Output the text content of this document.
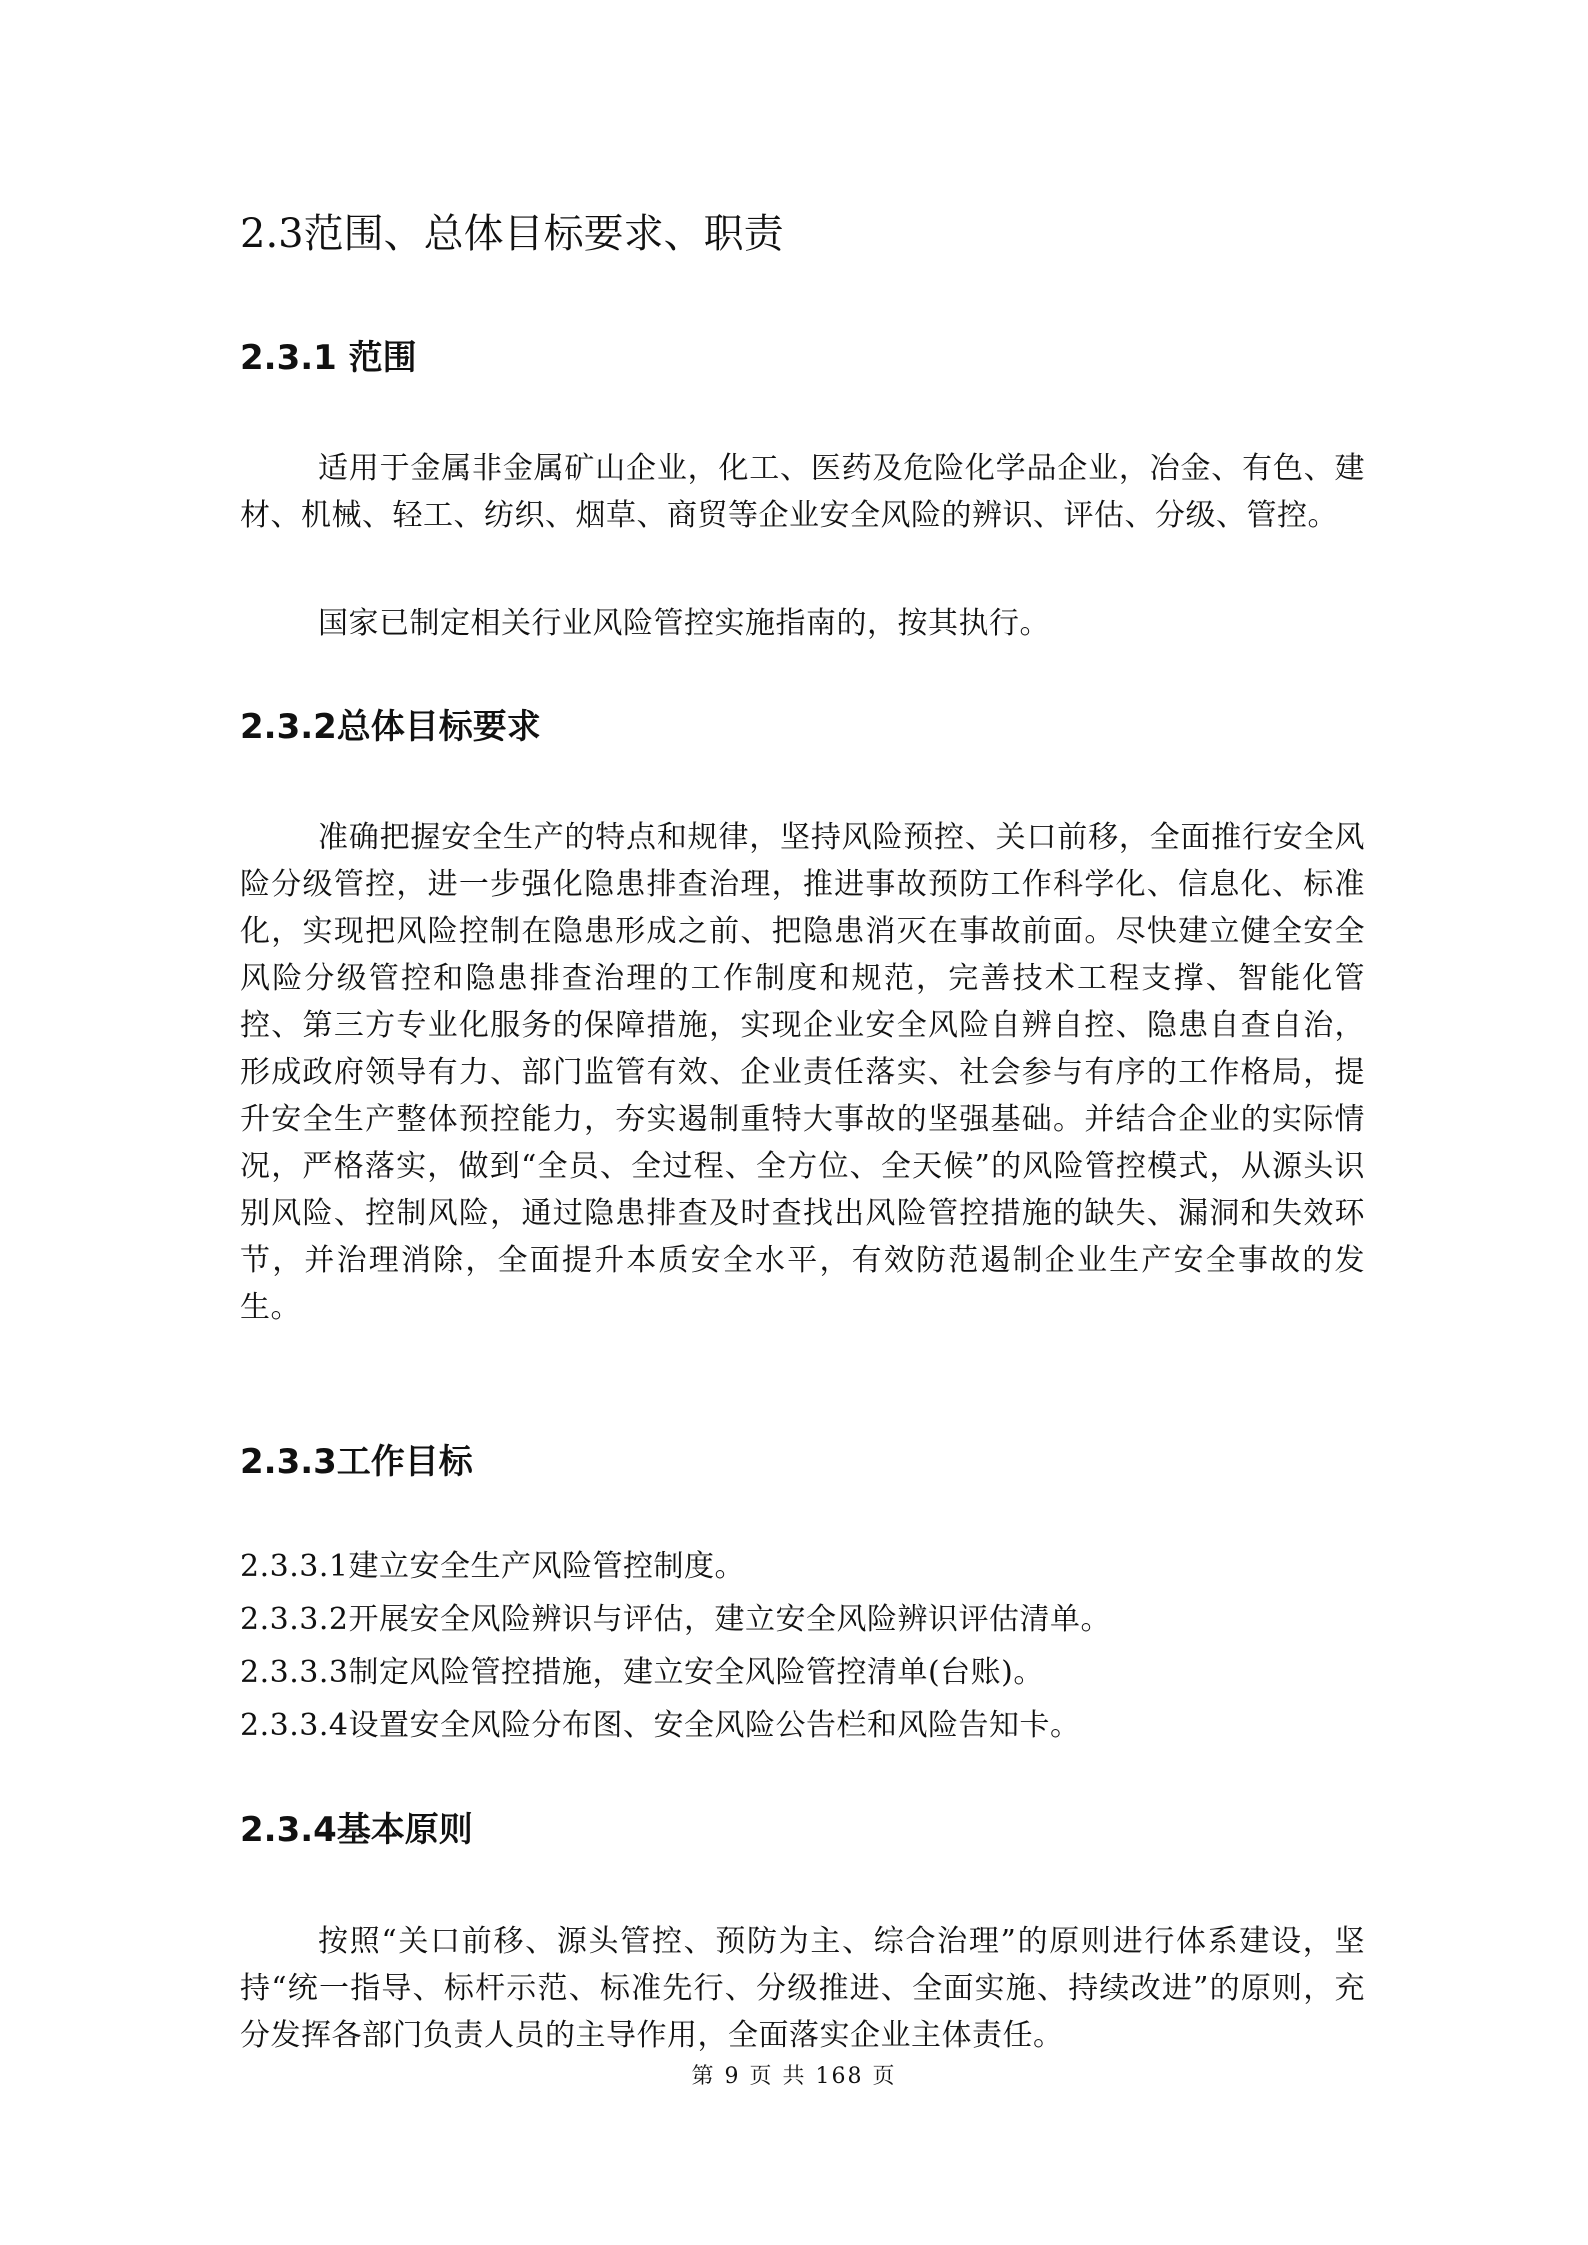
2.3范围、总体目标要求、职责
2.3.1 范围

适用于金属非金属矿山企业，化工、医药及危险化学品企业，冶金、有色、建材、机械、轻工、纺织、烟草、商贸等企业安全风险的辨识、评估、分级、管控。

国家已制定相关行业风险管控实施指南的，按其执行。

2.3.2总体目标要求

准确把握安全生产的特点和规律，坚持风险预控、关口前移，全面推行安全风险分级管控，进一步强化隐患排查治理，推进事故预防工作科学化、信息化、标准化，实现把风险控制在隐患形成之前、把隐患消灭在事故前面。尽快建立健全安全风险分级管控和隐患排查治理的工作制度和规范，完善技术工程支撑、智能化管控、第三方专业化服务的保障措施，实现企业安全风险自辨自控、隐患自查自治，形成政府领导有力、部门监管有效、企业责任落实、社会参与有序的工作格局，提升安全生产整体预控能力，夯实遏制重特大事故的坚强基础。并结合企业的实际情况，严格落实，做到“全员、全过程、全方位、全天候”的风险管控模式，从源头识别风险、控制风险，通过隐患排查及时查找出风险管控措施的缺失、漏洞和失效环节，并治理消除，全面提升本质安全水平，有效防范遏制企业生产安全事故的发生。

2.3.3工作目标
2.3.3.1建立安全生产风险管控制度。
2.3.3.2开展安全风险辨识与评估，建立安全风险辨识评估清单。
2.3.3.3制定风险管控措施，建立安全风险管控清单(台账)。
2.3.3.4设置安全风险分布图、安全风险公告栏和风险告知卡。
2.3.4基本原则

按照“关口前移、源头管控、预防为主、综合治理”的原则进行体系建设，坚持“统一指导、标杆示范、标准先行、分级推进、全面实施、持续改进”的原则，充分发挥各部门负责人员的主导作用，全面落实企业主体责任。

第 9 页 共 168 页
